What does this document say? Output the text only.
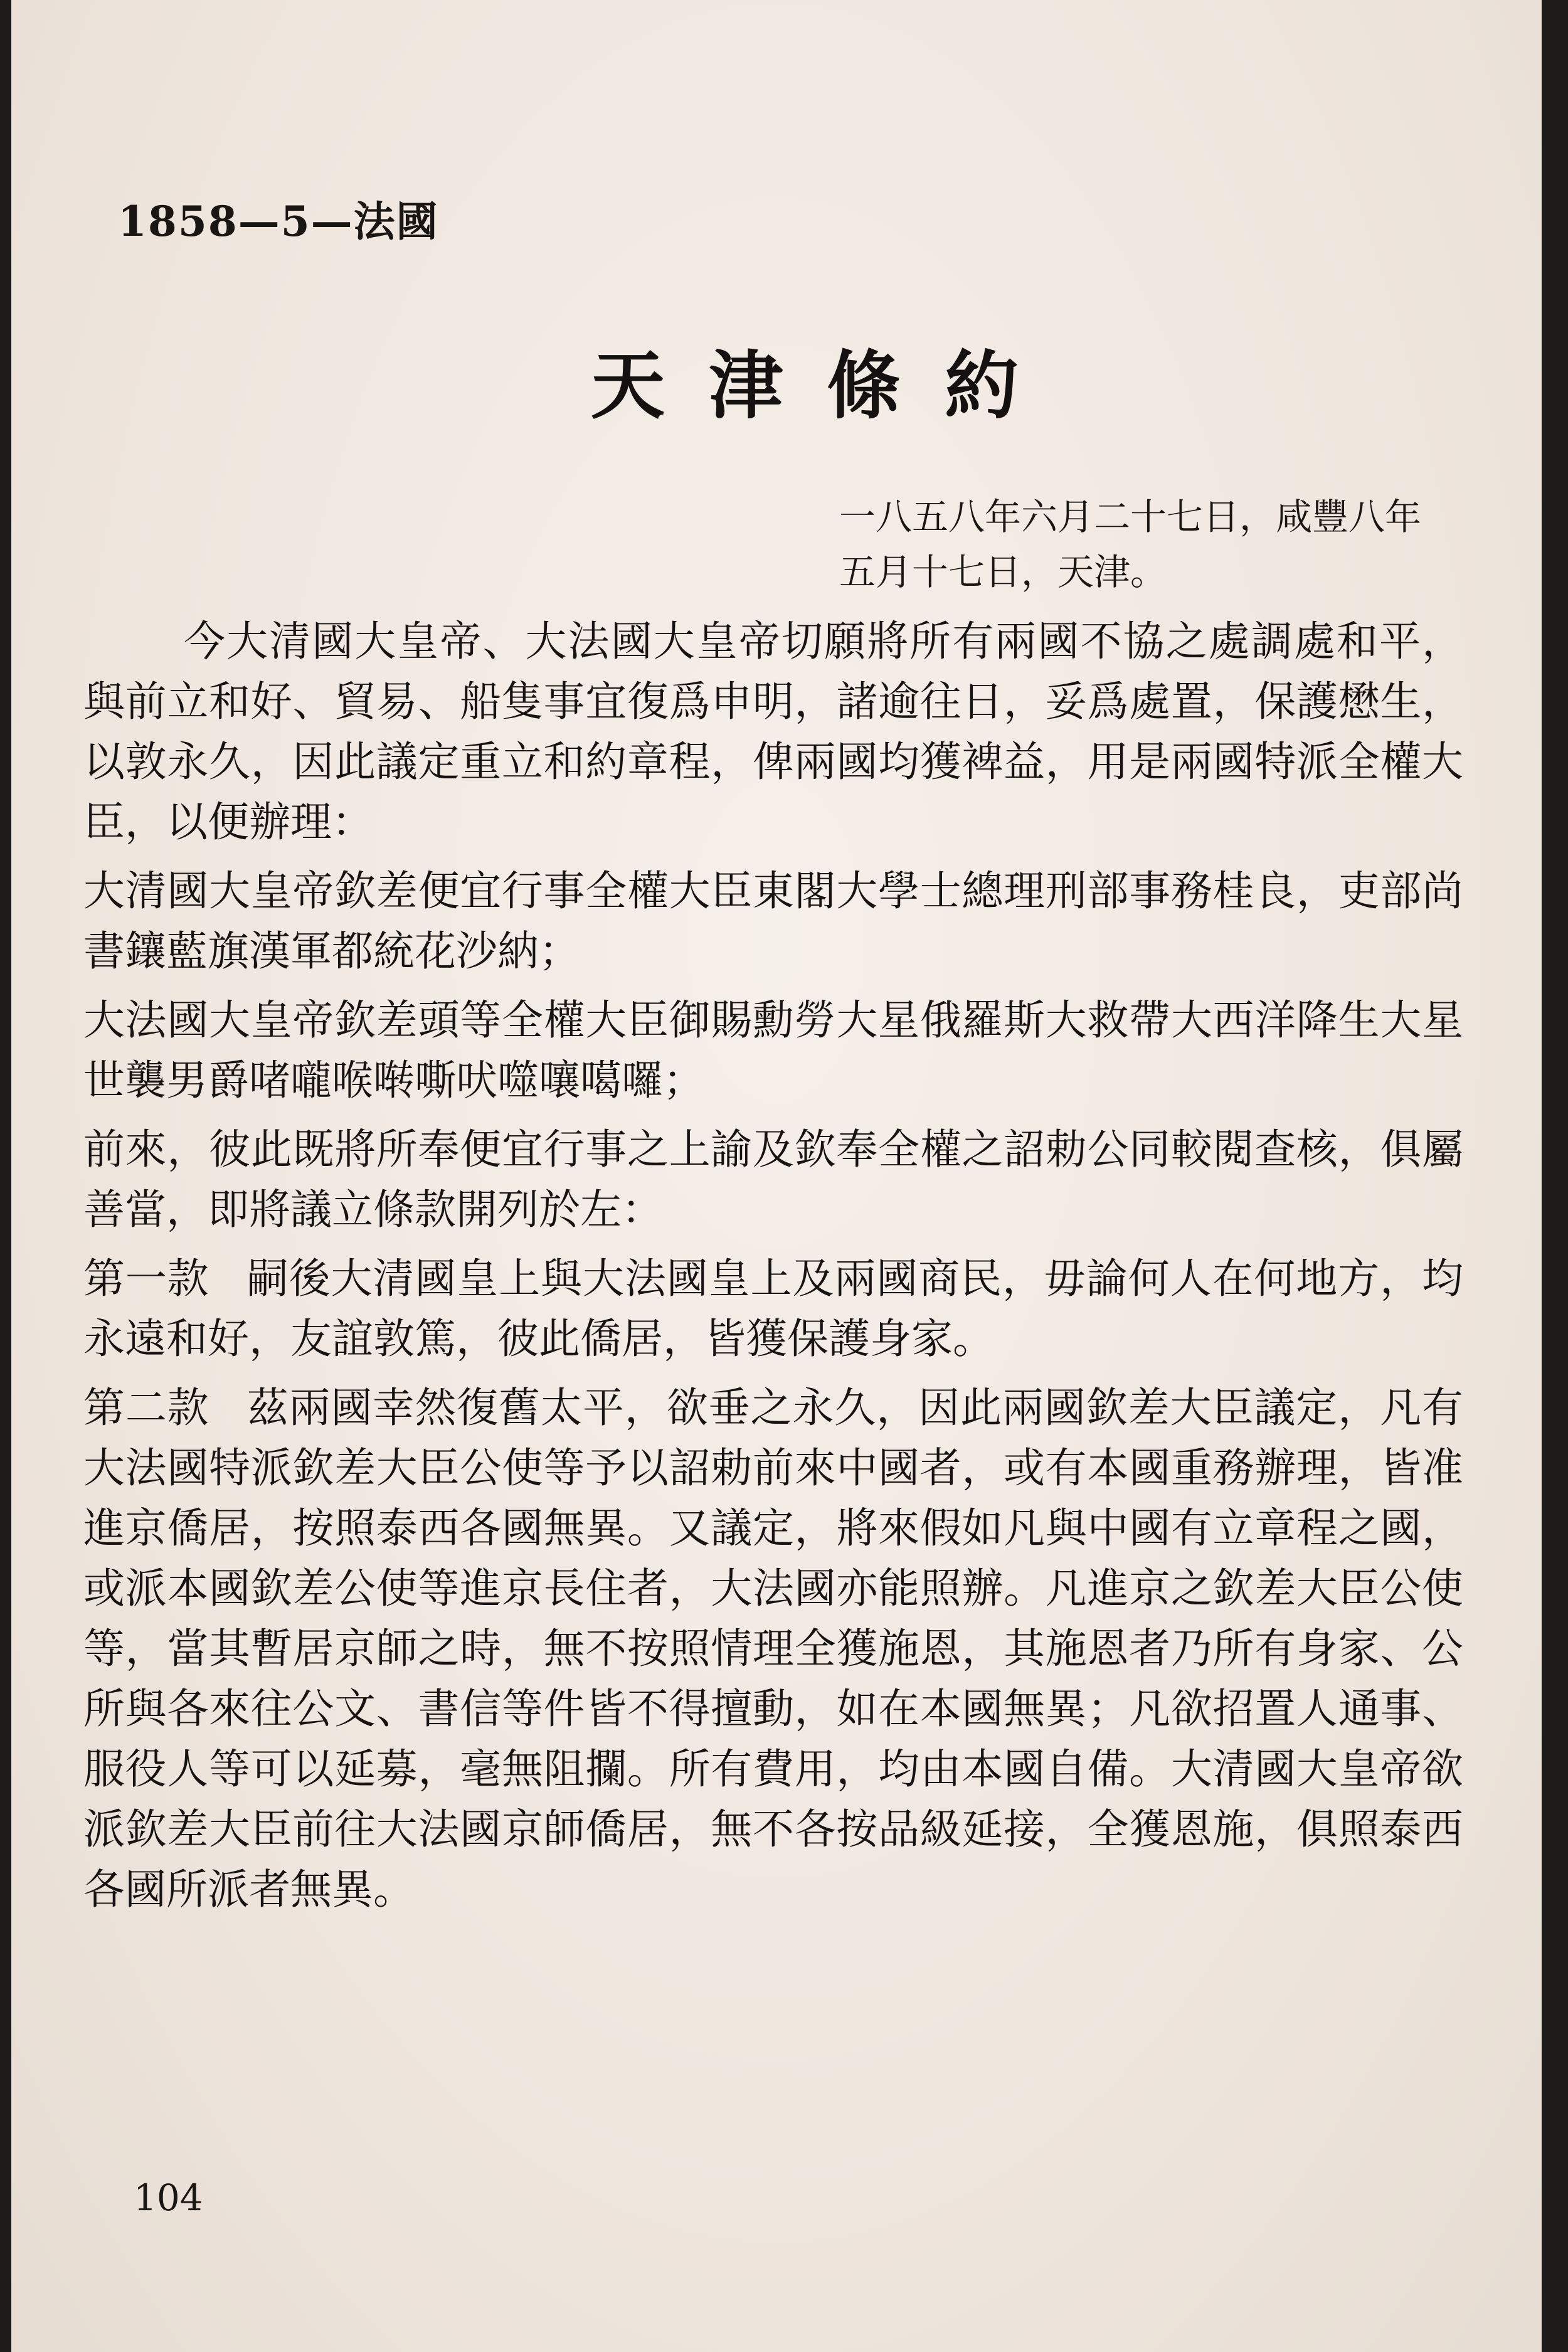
1858—5—法國
天津條約
一八五八年六月二十七日，咸豐八年
五月十七日，天津。

今大清國大皇帝、大法國大皇帝切願將所有兩國不協之處調處和平，與前立和好、貿易、船隻事宜復爲申明，諸逾往日，妥爲處置，保護懋生，以敦永久，因此議定重立和約章程，俾兩國均獲裨益，用是兩國特派全權大臣，以便辦理：

大清國大皇帝欽差便宜行事全權大臣東閣大學士總理刑部事務桂良，吏部尚書鑲藍旗漢軍都統花沙納；

大法國大皇帝欽差頭等全權大臣御賜勳勞大星俄羅斯大救帶大西洋降生大星世襲男爵啫嚨喉啭嘶吠噬嚷噶囉；

前來，彼此既將所奉便宜行事之上諭及欽奉全權之詔勅公同較閱查核，俱屬善當，即將議立條款開列於左：

第一款 嗣後大清國皇上與大法國皇上及兩國商民，毋論何人在何地方，均永遠和好，友誼敦篤，彼此僑居，皆獲保護身家。

第二款 茲兩國幸然復舊太平，欲垂之永久，因此兩國欽差大臣議定，凡有大法國特派欽差大臣公使等予以詔勅前來中國者，或有本國重務辦理，皆准進京僑居，按照泰西各國無異。又議定，將來假如凡與中國有立章程之國，或派本國欽差公使等進京長住者，大法國亦能照辦。凡進京之欽差大臣公使等，當其暫居京師之時，無不按照情理全獲施恩，其施恩者乃所有身家、公所與各來往公文、書信等件皆不得擅動，如在本國無異；凡欲招置人通事、服役人等可以延募，毫無阻攔。所有費用，均由本國自備。大清國大皇帝欲派欽差大臣前往大法國京師僑居，無不各按品級延接，全獲恩施，俱照泰西各國所派者無異。

104
